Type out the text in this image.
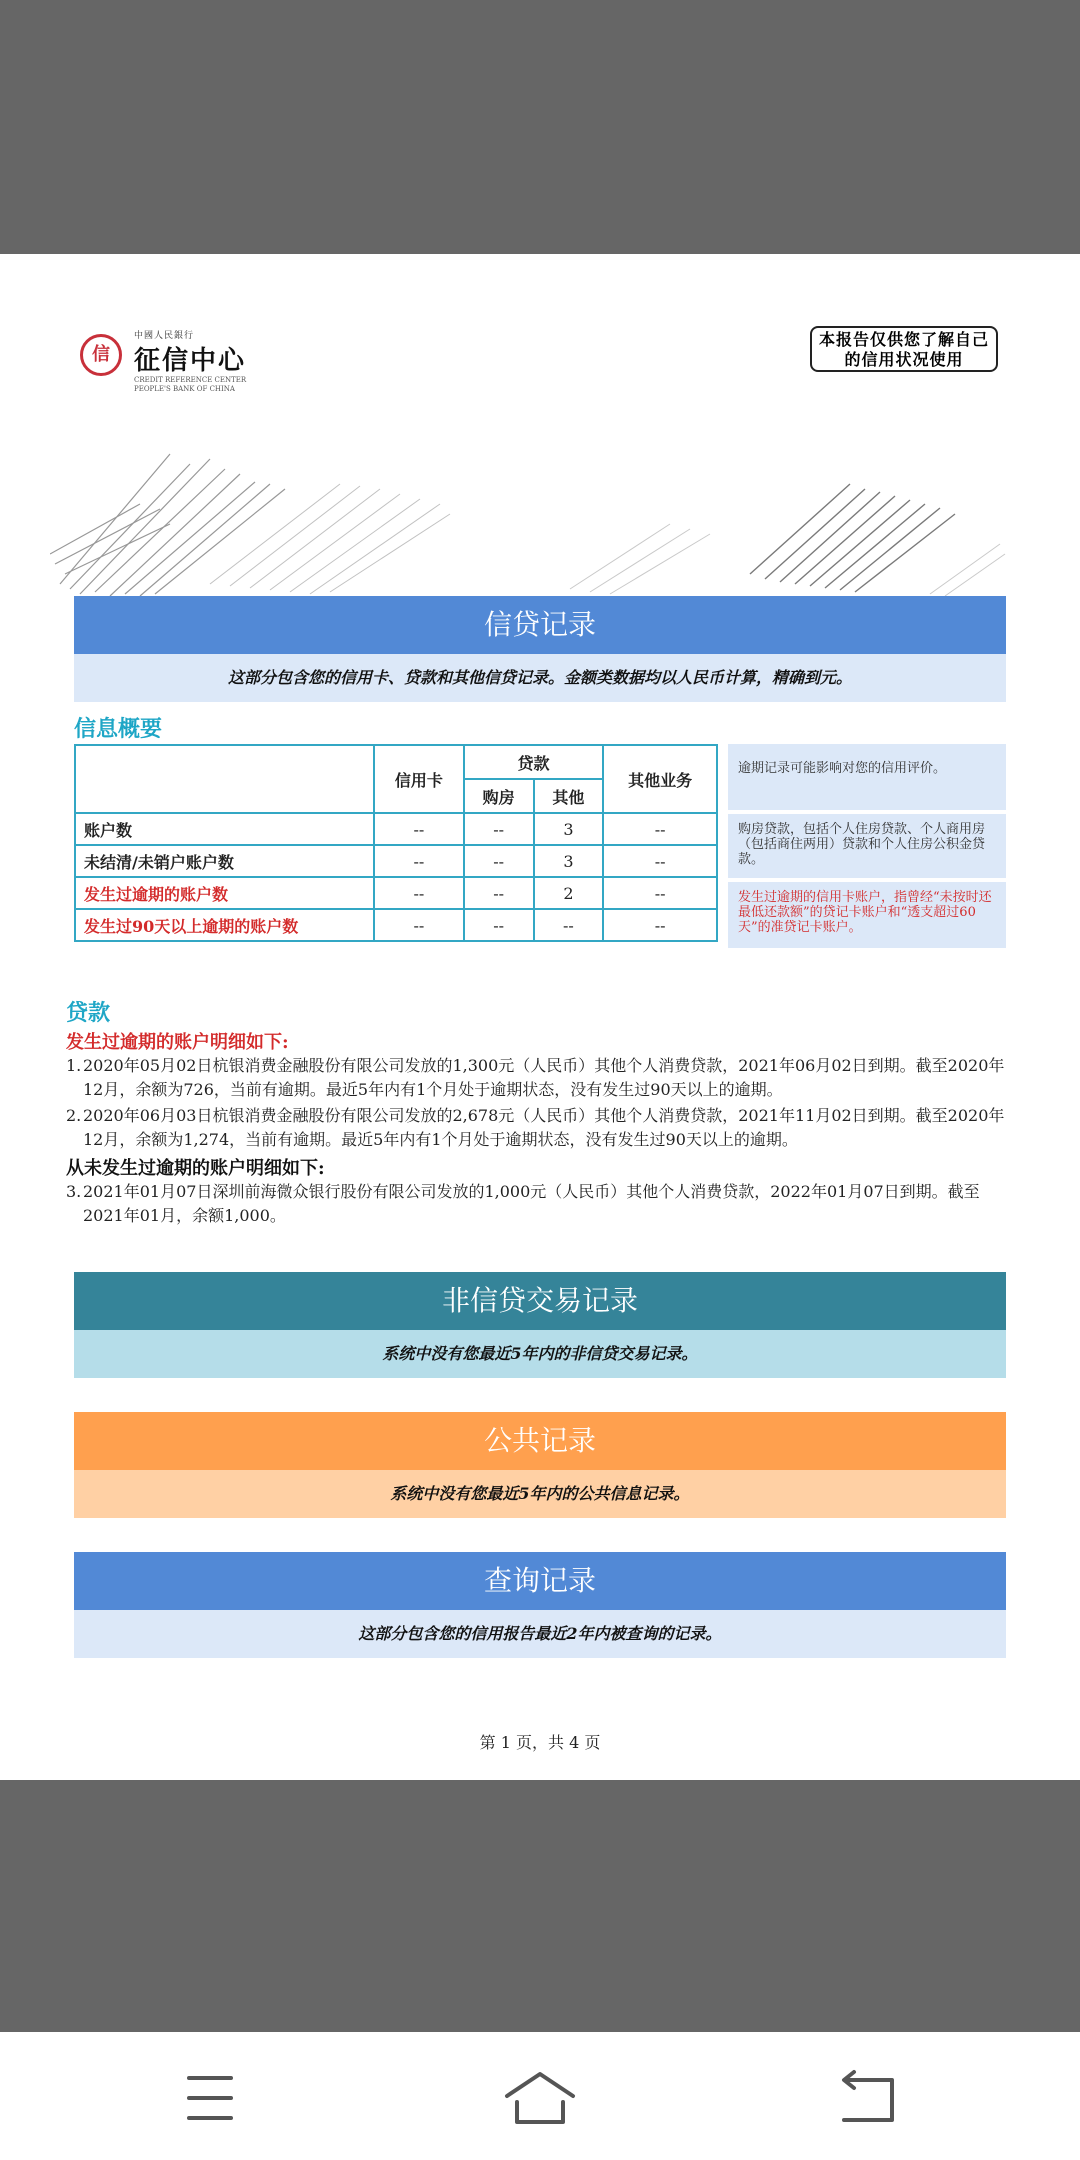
信
中國人民銀行
征信中心
CREDIT REFERENCE CENTER PEOPLE'S BANK OF CHINA
本报告仅供您了解自己的信用状况使用
信贷记录
这部分包含您的信用卡、贷款和其他信贷记录。金额类数据均以人民币计算，精确到元。
信息概要
	信用卡	贷款		其他业务
		购房	其他	
账户数	--	--	3	--
未结清/未销户账户数	--	--	3	--
发生过逾期的账户数	--	--	2	--
发生过90天以上逾期的账户数	--	--	--	--
逾期记录可能影响对您的信用评价。
购房贷款，包括个人住房贷款、个人商用房（包括商住两用）贷款和个人住房公积金贷款。
发生过逾期的信用卡账户，指曾经“未按时还最低还款额”的贷记卡账户和“透支超过60天”的准贷记卡账户。
贷款
发生过逾期的账户明细如下:
1. 2020年05月02日杭银消费金融股份有限公司发放的1,300元（人民币）其他个人消费贷款，2021年06月02日到期。截至2020年12月，余额为726，当前有逾期。最近5年内有1个月处于逾期状态，没有发生过90天以上的逾期。
2. 2020年06月03日杭银消费金融股份有限公司发放的2,678元（人民币）其他个人消费贷款，2021年11月02日到期。截至2020年12月，余额为1,274，当前有逾期。最近5年内有1个月处于逾期状态，没有发生过90天以上的逾期。
从未发生过逾期的账户明细如下:
3. 2021年01月07日深圳前海微众银行股份有限公司发放的1,000元（人民币）其他个人消费贷款，2022年01月07日到期。截至2021年01月，余额1,000。
非信贷交易记录
系统中没有您最近5年内的非信贷交易记录。
公共记录
系统中没有您最近5年内的公共信息记录。
查询记录
这部分包含您的信用报告最近2年内被查询的记录。
第 1 页，共 4 页
